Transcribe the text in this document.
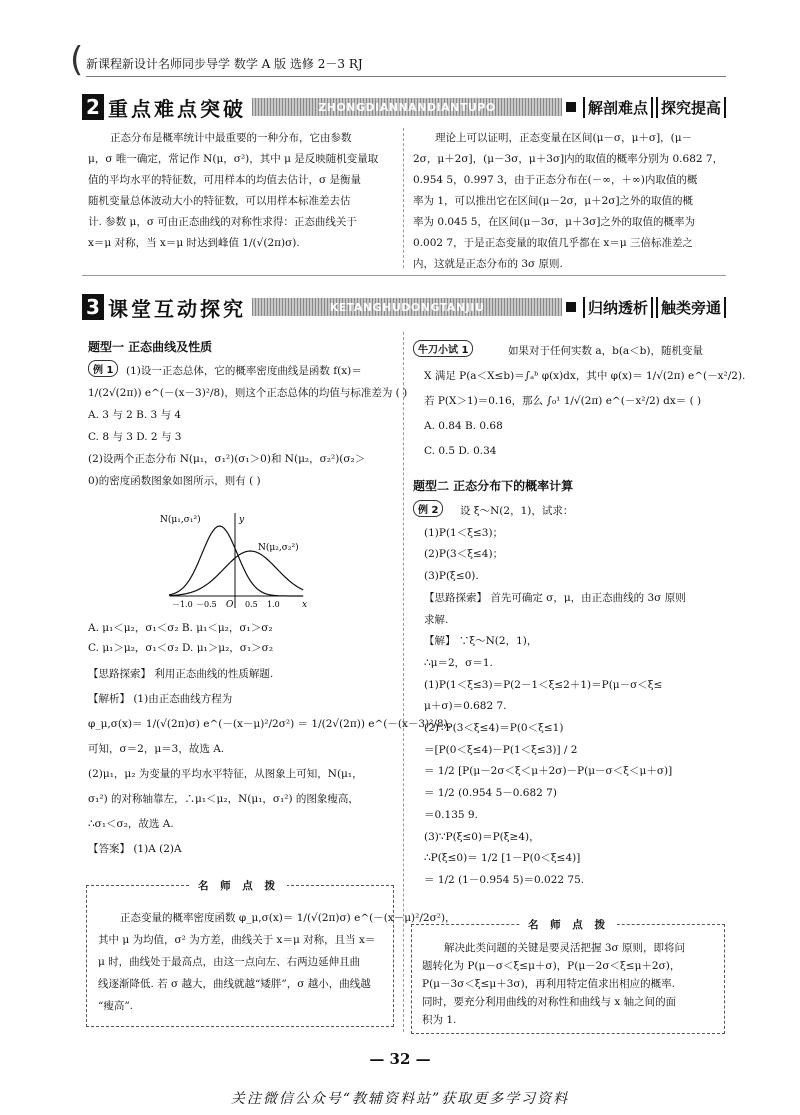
( 新课程新设计名师同步导学 数学 A 版 选修 2－3 RJ
2 重点难点突破	ZHONGDIANNANDIANTUPO	解剖难点 探究提高
正态分布是概率统计中最重要的一种分布，它由参数
μ，σ 唯一确定，常记作 N(μ，σ²)，其中 μ 是反映随机变量取
值的平均水平的特征数，可用样本的均值去估计，σ 是衡量
随机变量总体波动大小的特征数，可以用样本标准差去估
计. 参数 μ，σ 可由正态曲线的对称性求得：正态曲线关于
x＝μ 对称，当 x＝μ 时达到峰值 1/(√(2π)σ).
理论上可以证明，正态变量在区间(μ－σ，μ＋σ]，(μ－
2σ，μ＋2σ]，(μ－3σ，μ＋3σ]内的取值的概率分别为 0.682 7，
0.954 5，0.997 3，由于正态分布在(－∞，＋∞)内取值的概
率为 1，可以推出它在区间(μ－2σ，μ＋2σ]之外的取值的概
率为 0.045 5，在区间(μ－3σ，μ＋3σ]之外的取值的概率为
0.002 7，于是正态变量的取值几乎都在 x＝μ 三倍标准差之
内，这就是正态分布的 3σ 原则.
3 课堂互动探究	KETANGHUDONGTANJIU	归纳透析 触类旁通
题型一 正态曲线及性质
例 1	(1)设一正态总体，它的概率密度曲线是函数 f(x)＝
1/(2√(2π)) e^(－(x－3)²/8)，则这个正态总体的均值与标准差为 ( )
A. 3 与 2 B. 3 与 4
C. 8 与 3 D. 2 与 3
(2)设两个正态分布 N(μ₁，σ₁²)(σ₁＞0)和 N(μ₂，σ₂²)(σ₂＞
0)的密度函数图象如图所示，则有 ( )
N(μ₁,σ₁²)
N(μ₂,σ₂²)
y
x
O
－1.0 －0.5	0.5 1.0
A. μ₁＜μ₂，σ₁＜σ₂ B. μ₁＜μ₂，σ₁＞σ₂
C. μ₁＞μ₂，σ₁＜σ₂ D. μ₁＞μ₂，σ₁＞σ₂
【思路探索】 利用正态曲线的性质解题.
【解析】 (1)由正态曲线方程为
φ_μ,σ(x)＝ 1/(√(2π)σ) e^(－(x－μ)²/2σ²) ＝ 1/(2√(2π)) e^(－(x－3)²/8)，
可知，σ＝2，μ＝3，故选 A.
(2)μ₁，μ₂ 为变量的平均水平特征，从图象上可知，N(μ₁，
σ₁²) 的对称轴靠左，∴μ₁＜μ₂，N(μ₁，σ₁²) 的图象瘦高，
∴σ₁＜σ₂，故选 A.
【答案】 (1)A (2)A
名 师 点 拨
正态变量的概率密度函数 φ_μ,σ(x)＝ 1/(√(2π)σ) e^(－(x－μ)²/2σ²)，
其中 μ 为均值，σ² 为方差，曲线关于 x＝μ 对称，且当 x＝
μ 时，曲线处于最高点，由这一点向左、右两边延伸且曲
线逐渐降低. 若 σ 越大，曲线就越“矮胖”，σ 越小，曲线越
“瘦高”.
牛刀小试 1	如果对于任何实数 a，b(a＜b)，随机变量
X 满足 P(a＜X≤b)＝∫ₐᵇ φ(x)dx，其中 φ(x)＝ 1/√(2π) e^(－x²/2).
若 P(X＞1)＝0.16，那么 ∫₀¹ 1/√(2π) e^(－x²/2) dx＝ ( )
A. 0.84 B. 0.68
C. 0.5 D. 0.34
题型二 正态分布下的概率计算
例 2	设 ξ～N(2，1)，试求：
(1)P(1＜ξ≤3)；
(2)P(3＜ξ≤4)；
(3)P(ξ≤0).
【思路探索】 首先可确定 σ，μ，由正态曲线的 3σ 原则
求解.
【解】 ∵ξ～N(2，1)，
∴μ＝2，σ＝1.
(1)P(1＜ξ≤3)＝P(2－1＜ξ≤2＋1)＝P(μ－σ＜ξ≤
μ＋σ)＝0.682 7.
(2)∵P(3＜ξ≤4)＝P(0＜ξ≤1)
＝[P(0＜ξ≤4)－P(1＜ξ≤3)] / 2
＝ 1/2 [P(μ－2σ＜ξ＜μ＋2σ)－P(μ－σ＜ξ＜μ＋σ)]
＝ 1/2 (0.954 5－0.682 7)
＝0.135 9.
(3)∵P(ξ≤0)＝P(ξ≥4)，
∴P(ξ≤0)＝ 1/2 [1－P(0＜ξ≤4)]
＝ 1/2 (1－0.954 5)＝0.022 75.
名 师 点 拨
解决此类问题的关键是要灵活把握 3σ 原则，即将问
题转化为 P(μ－σ＜ξ≤μ＋σ)，P(μ－2σ＜ξ≤μ＋2σ)，
P(μ－3σ＜ξ≤μ＋3σ)，再利用特定值求出相应的概率.
同时，要充分利用曲线的对称性和曲线与 x 轴之间的面
积为 1.
— 32 —
关注微信公众号“教辅资料站”获取更多学习资料
